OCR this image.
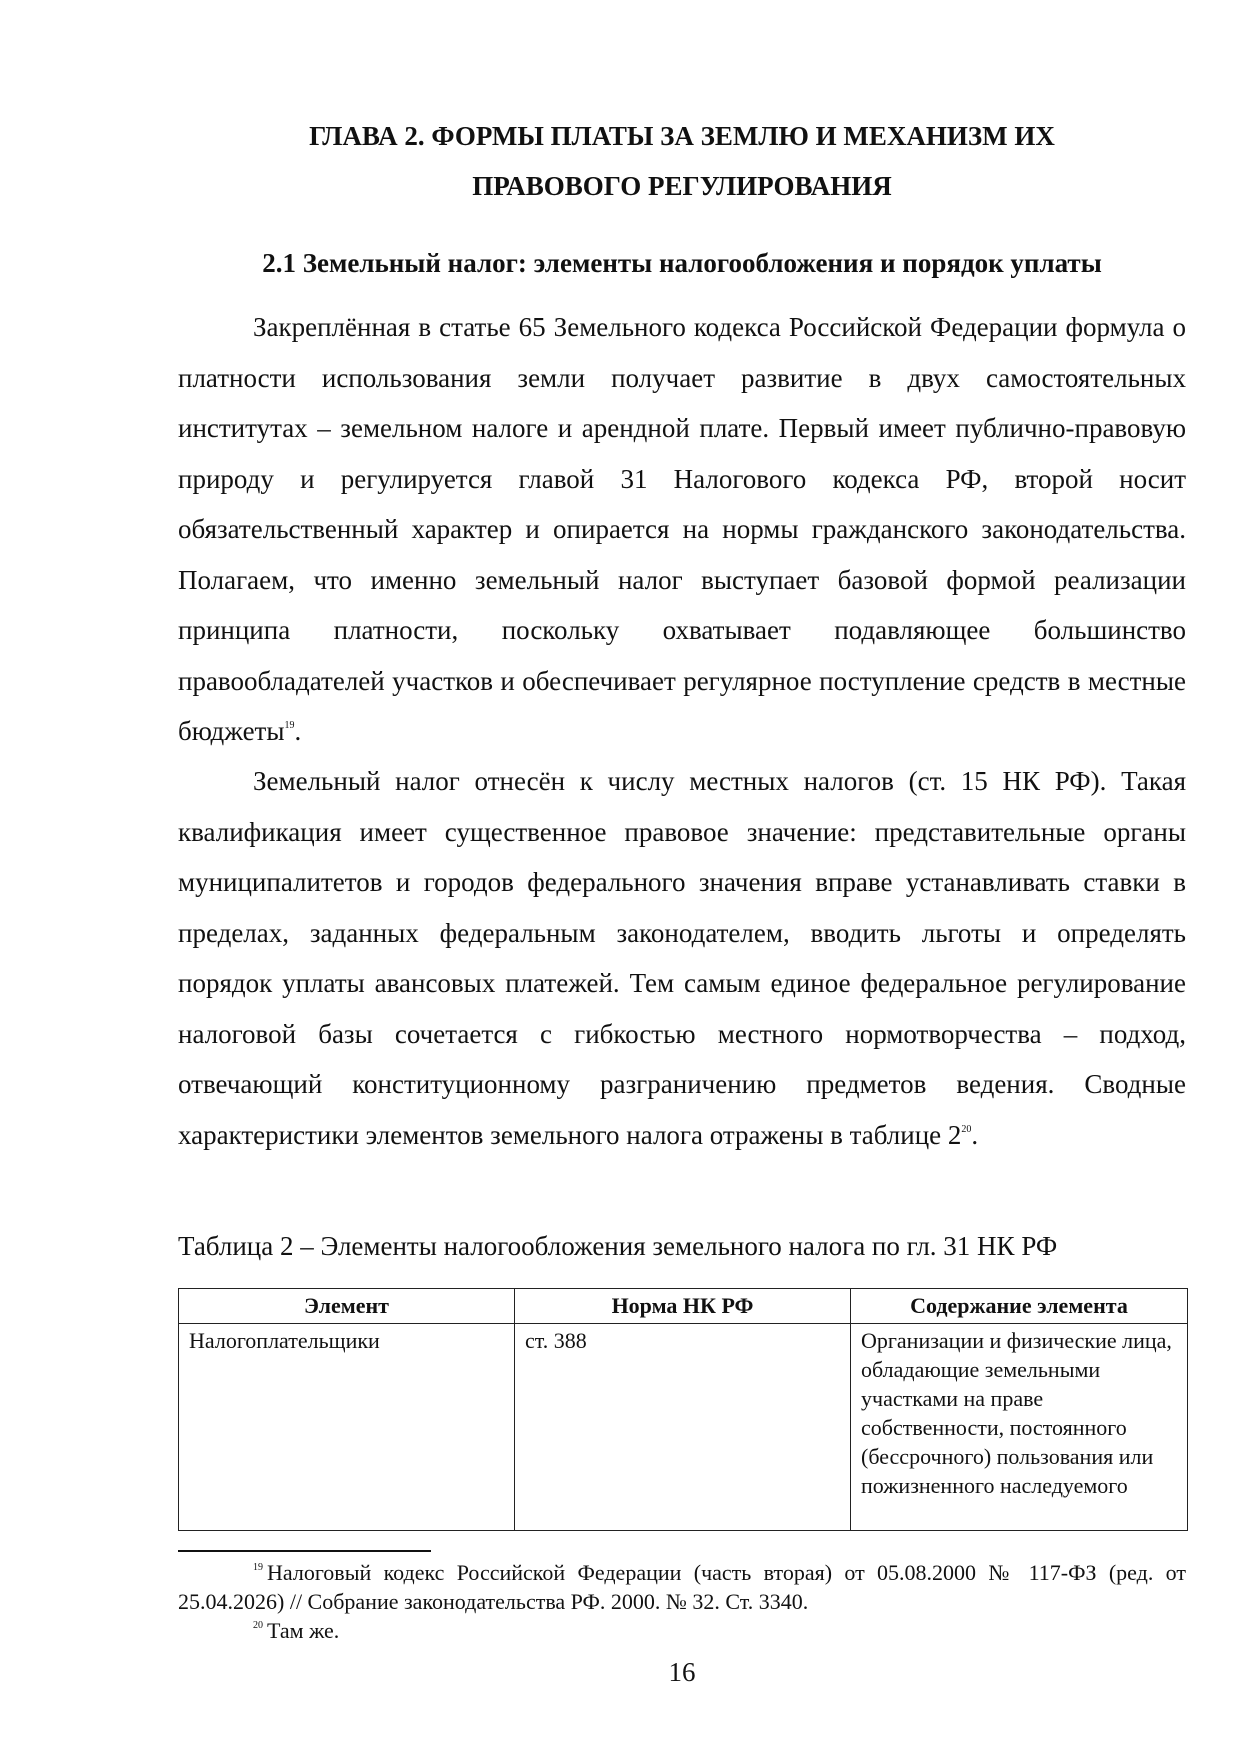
ГЛАВА 2. ФОРМЫ ПЛАТЫ ЗА ЗЕМЛЮ И МЕХАНИЗМ ИХ
ПРАВОВОГО РЕГУЛИРОВАНИЯ
2.1 Земельный налог: элементы налогообложения и порядок уплаты

Закреплённая в статье 65 Земельного кодекса Российской Федерации формула о платности использования земли получает развитие в двух самостоятельных институтах – земельном налоге и арендной плате. Первый имеет публично-правовую природу и регулируется главой 31 Налогового кодекса РФ, второй носит обязательственный характер и опирается на нормы гражданского законодательства. Полагаем, что именно земельный налог выступает базовой формой реализации принципа платности, поскольку охватывает подавляющее большинство правообладателей участков и обеспечивает регулярное поступление средств в местные бюджеты$^{19}$.

Земельный налог отнесён к числу местных налогов (ст. 15 НК РФ). Такая квалификация имеет существенное правовое значение: представительные органы муниципалитетов и городов федерального значения вправе устанавливать ставки в пределах, заданных федеральным законодателем, вводить льготы и определять порядок уплаты авансовых платежей. Тем самым единое федеральное регулирование налоговой базы сочетается с гибкостью местного нормотворчества – подход, отвечающий конституционному разграничению предметов ведения. Сводные характеристики элементов земельного налога отражены в таблице 2$^{20}$.

Таблица 2 – Элементы налогообложения земельного налога по гл. 31 НК РФ

Элемент	Норма НК РФ	Содержание элемента
Налогоплательщики	ст. 388	Организации и физические лица, обладающие земельными участками на праве собственности, постоянного (бессрочного) пользования или пожизненного наследуемого

$^{19}$ Налоговый кодекс Российской Федерации (часть вторая) от 05.08.2000 № 117-ФЗ (ред. от 25.04.2026) // Собрание законодательства РФ. 2000. № 32. Ст. 3340.

$^{20}$ Там же.

16
